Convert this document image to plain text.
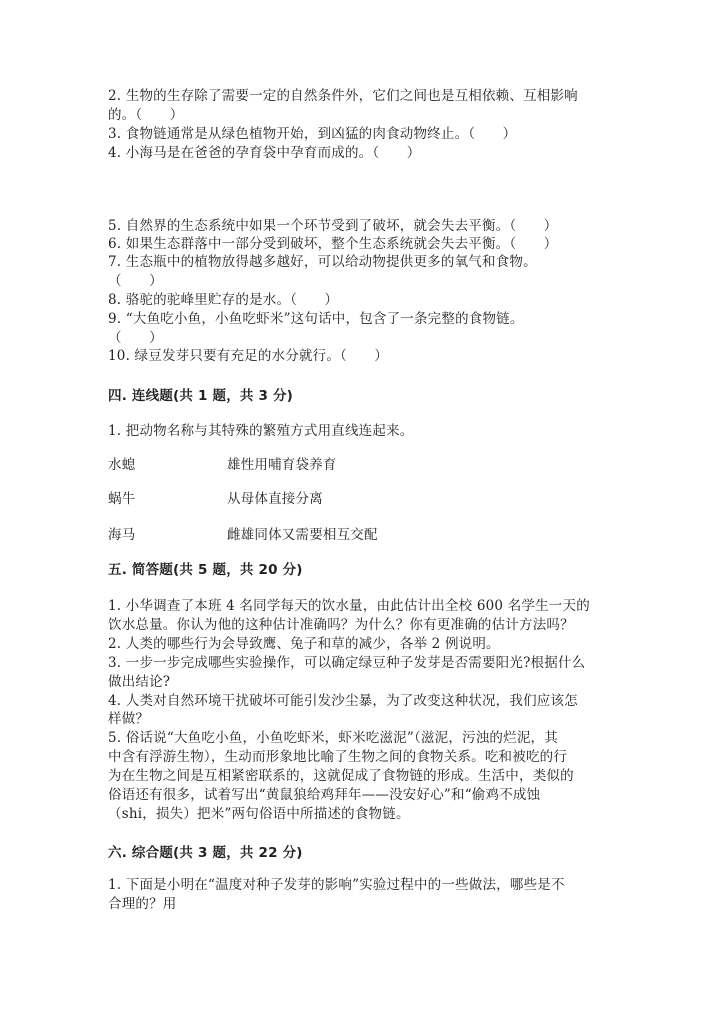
2. 生物的生存除了需要一定的自然条件外，它们之间也是互相依赖、互相影响
的。（　　）
3. 食物链通常是从绿色植物开始，到凶猛的肉食动物终止。（　　）
4. 小海马是在爸爸的孕育袋中孕育而成的。（　　）
5. 自然界的生态系统中如果一个环节受到了破坏，就会失去平衡。（　　）
6. 如果生态群落中一部分受到破坏，整个生态系统就会失去平衡。（　　）
7. 生态瓶中的植物放得越多越好，可以给动物提供更多的氧气和食物。
（　　）
8. 骆驼的驼峰里贮存的是水。（　　）
9. “大鱼吃小鱼，小鱼吃虾米”这句话中，包含了一条完整的食物链。
（　　）
10. 绿豆发芽只要有充足的水分就行。（　　）
四. 连线题(共 1 题，共 3 分)
1. 把动物名称与其特殊的繁殖方式用直线连起来。
水螅	雄性用哺育袋养育
蜗牛	从母体直接分离
海马	雌雄同体又需要相互交配
五. 简答题(共 5 题，共 20 分)
1. 小华调查了本班 4 名同学每天的饮水量，由此估计出全校 600 名学生一天的
饮水总量。你认为他的这种估计准确吗？为什么？你有更准确的估计方法吗？
2. 人类的哪些行为会导致鹰、兔子和草的减少，各举 2 例说明。
3. 一步一步完成哪些实验操作，可以确定绿豆种子发芽是否需要阳光?根据什么
做出结论?
4. 人类对自然环境干扰破坏可能引发沙尘暴，为了改变这种状况，我们应该怎
样做？
5. 俗话说“大鱼吃小鱼，小鱼吃虾米，虾米吃滋泥”（滋泥，污浊的烂泥，其
中含有浮游生物），生动而形象地比喻了生物之间的食物关系。吃和被吃的行
为在生物之间是互相紧密联系的，这就促成了食物链的形成。生活中，类似的
俗语还有很多，试着写出“黄鼠狼给鸡拜年——没安好心”和“偷鸡不成蚀
（shi，损失）把米”两句俗语中所描述的食物链。
六. 综合题(共 3 题，共 22 分)
1. 下面是小明在“温度对种子发芽的影响”实验过程中的一些做法，哪些是不
合理的？用
